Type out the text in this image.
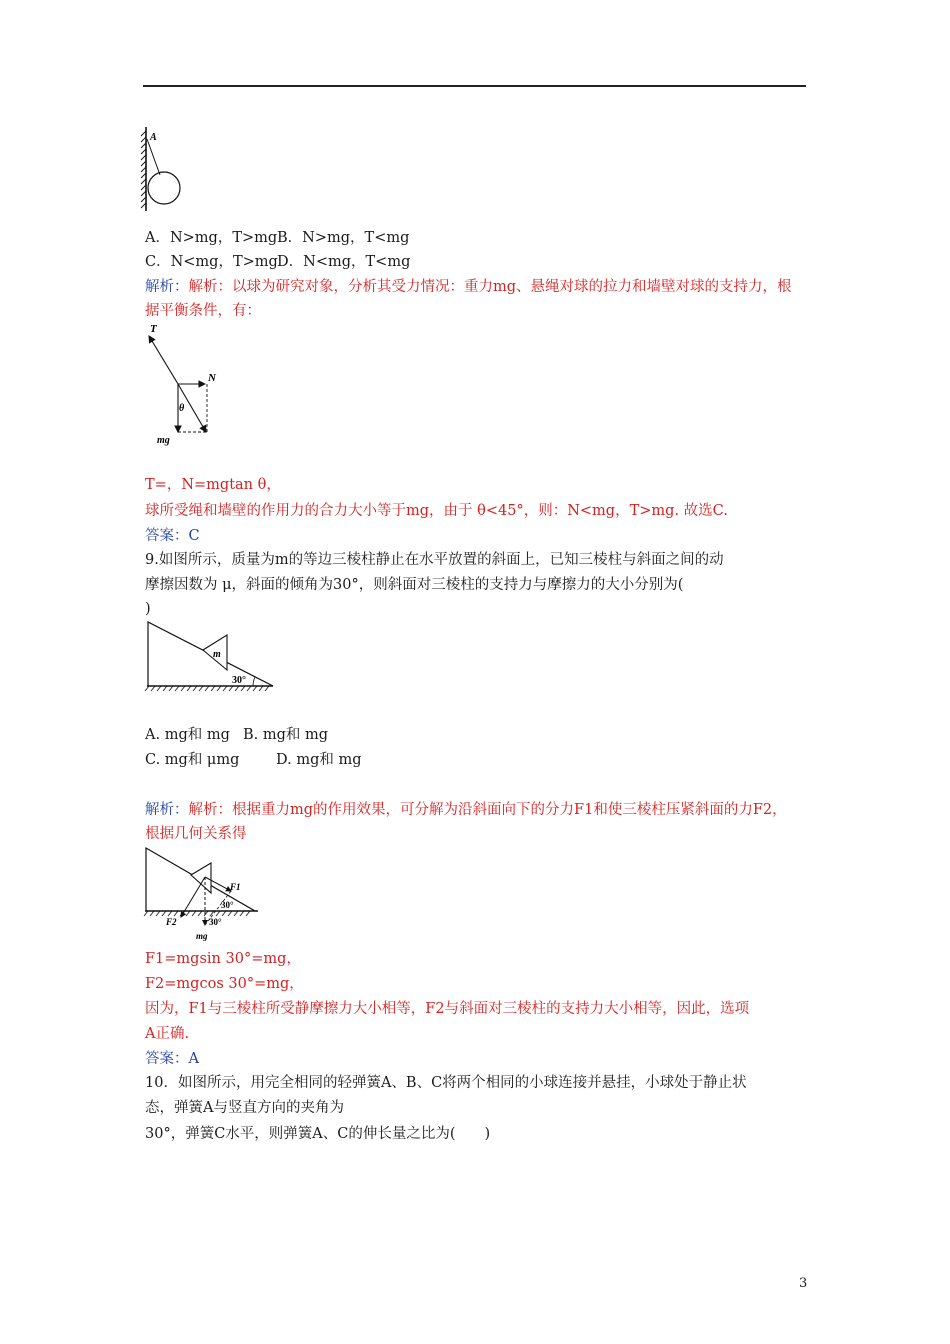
A
A．N>mg，T>mg B．N>mg，T<mg
C．N<mg，T>mg D．N<mg，T<mg
解析：解析：以球为研究对象，分析其受力情况：重力mg、悬绳对球的拉力和墙壁对球的支持力，根
据平衡条件，有：
T
N
θ
mg
T=，N=mgtan θ，
球所受绳和墙壁的作用力的合力大小等于mg，由于 θ<45°，则：N<mg，T>mg. 故选C.
答案：C
9.如图所示，质量为m的等边三棱柱静止在水平放置的斜面上，已知三棱柱与斜面之间的动
摩擦因数为 μ，斜面的倾角为30°，则斜面对三棱柱的支持力与摩擦力的大小分别为(
)
m
30°
A. mg和 mg B. mg和 mg
C. mg和 μmg	D. mg和 mg
解析：解析：根据重力mg的作用效果，可分解为沿斜面向下的分力F1和使三棱柱压紧斜面的力F2，
根据几何关系得
F1
30°
F2	30°
mg
F1=mgsin 30°=mg，
F2=mgcos 30°=mg，
因为，F1与三棱柱所受静摩擦力大小相等，F2与斜面对三棱柱的支持力大小相等，因此，选项
A正确.
答案：A
10．如图所示，用完全相同的轻弹簧A、B、C将两个相同的小球连接并悬挂，小球处于静止状
态，弹簧A与竖直方向的夹角为
30°，弹簧C水平，则弹簧A、C的伸长量之比为(　　)
3
